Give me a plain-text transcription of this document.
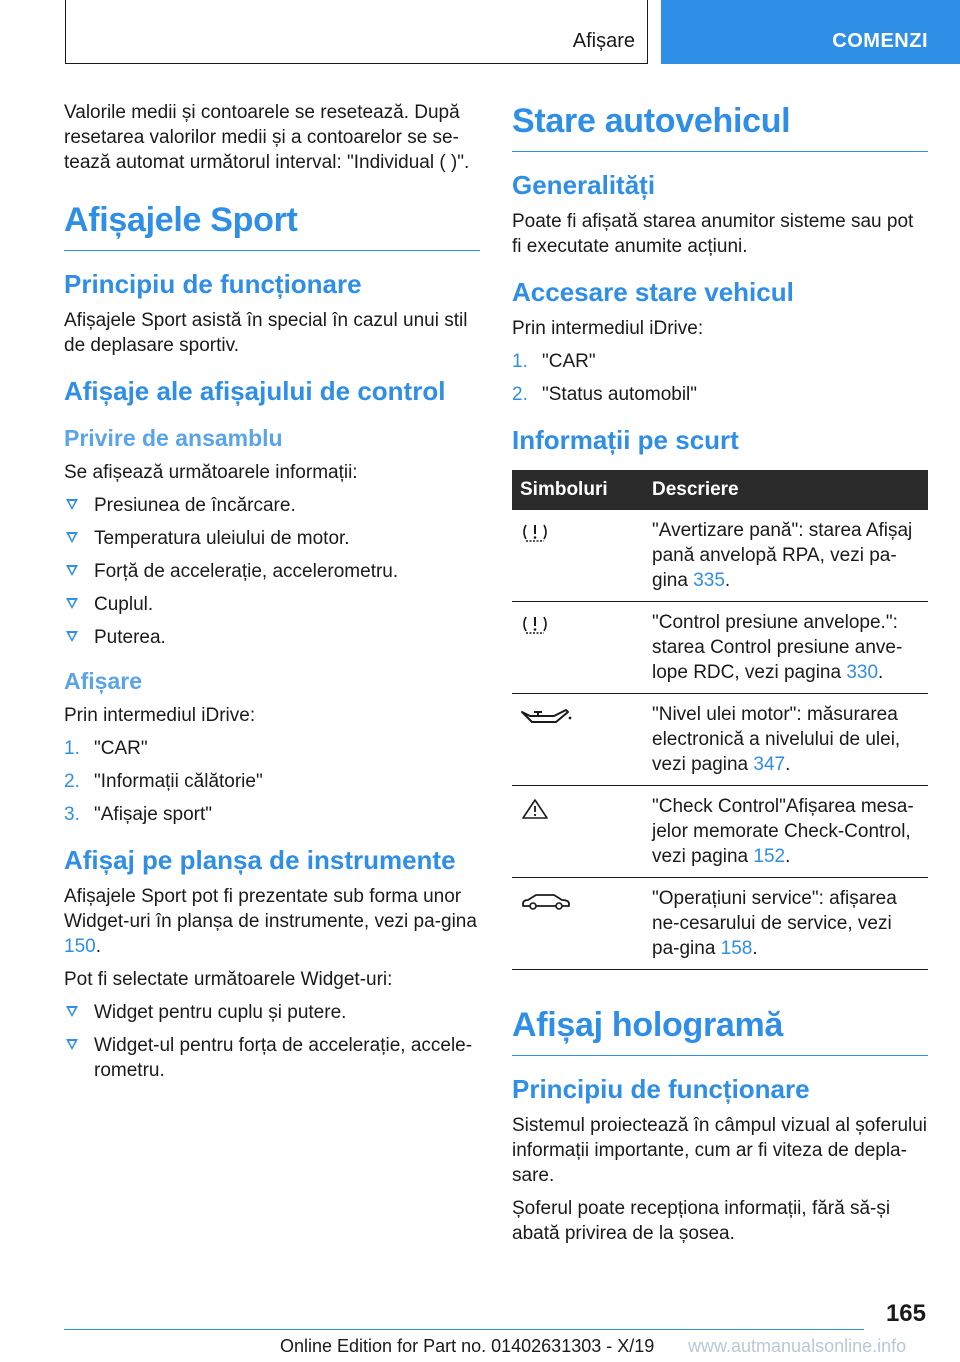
Afișare	COMENZI

Valorile medii și contoarele se resetează. După resetarea valorilor medii și a contoarelor se se-tează automat următorul interval: "Individual ( )".

Afișajele Sport
Principiu de funcționare

Afișajele Sport asistă în special în cazul unui stil de deplasare sportiv.

Afișaje ale afișajului de control
Privire de ansamblu

Se afișează următoarele informații:

Presiunea de încărcare.
Temperatura uleiului de motor.
Forță de accelerație, accelerometru.
Cuplul.
Puterea.
Afișare

Prin intermediul iDrive:

1. "CAR"
2. "Informații călătorie"
3. "Afișaje sport"
Afișaj pe planșa de instrumente

Afișajele Sport pot fi prezentate sub forma unor Widget-uri în planșa de instrumente, vezi pa-gina 150.

Pot fi selectate următoarele Widget-uri:

Widget pentru cuplu și putere.
Widget-ul pentru forța de accelerație, accele-rometru.
Stare autovehicul
Generalități

Poate fi afișată starea anumitor sisteme sau pot fi executate anumite acțiuni.

Accesare stare vehicul

Prin intermediul iDrive:

1. "CAR"
2. "Status automobil"
Informații pe scurt
Simboluri	Descriere
	"Avertizare pană": starea Afișaj pană anvelopă RPA, vezi pa-gina 335.
	"Control presiune anvelope.": starea Control presiune anve-lope RDC, vezi pagina 330.
	"Nivel ulei motor": măsurarea electronică a nivelului de ulei, vezi pagina 347.
	"Check Control"Afișarea mesa-jelor memorate Check-Control, vezi pagina 152.
	"Operațiuni service": afișarea ne-cesarului de service, vezi pa-gina 158.
Afișaj hologramă
Principiu de funcționare

Sistemul proiectează în câmpul vizual al șoferului informații importante, cum ar fi viteza de depla-sare.

Șoferul poate recepționa informații, fără să-și abată privirea de la șosea.

165
Online Edition for Part no. 01402631303 - X/19 www.autmanualsonline.info
